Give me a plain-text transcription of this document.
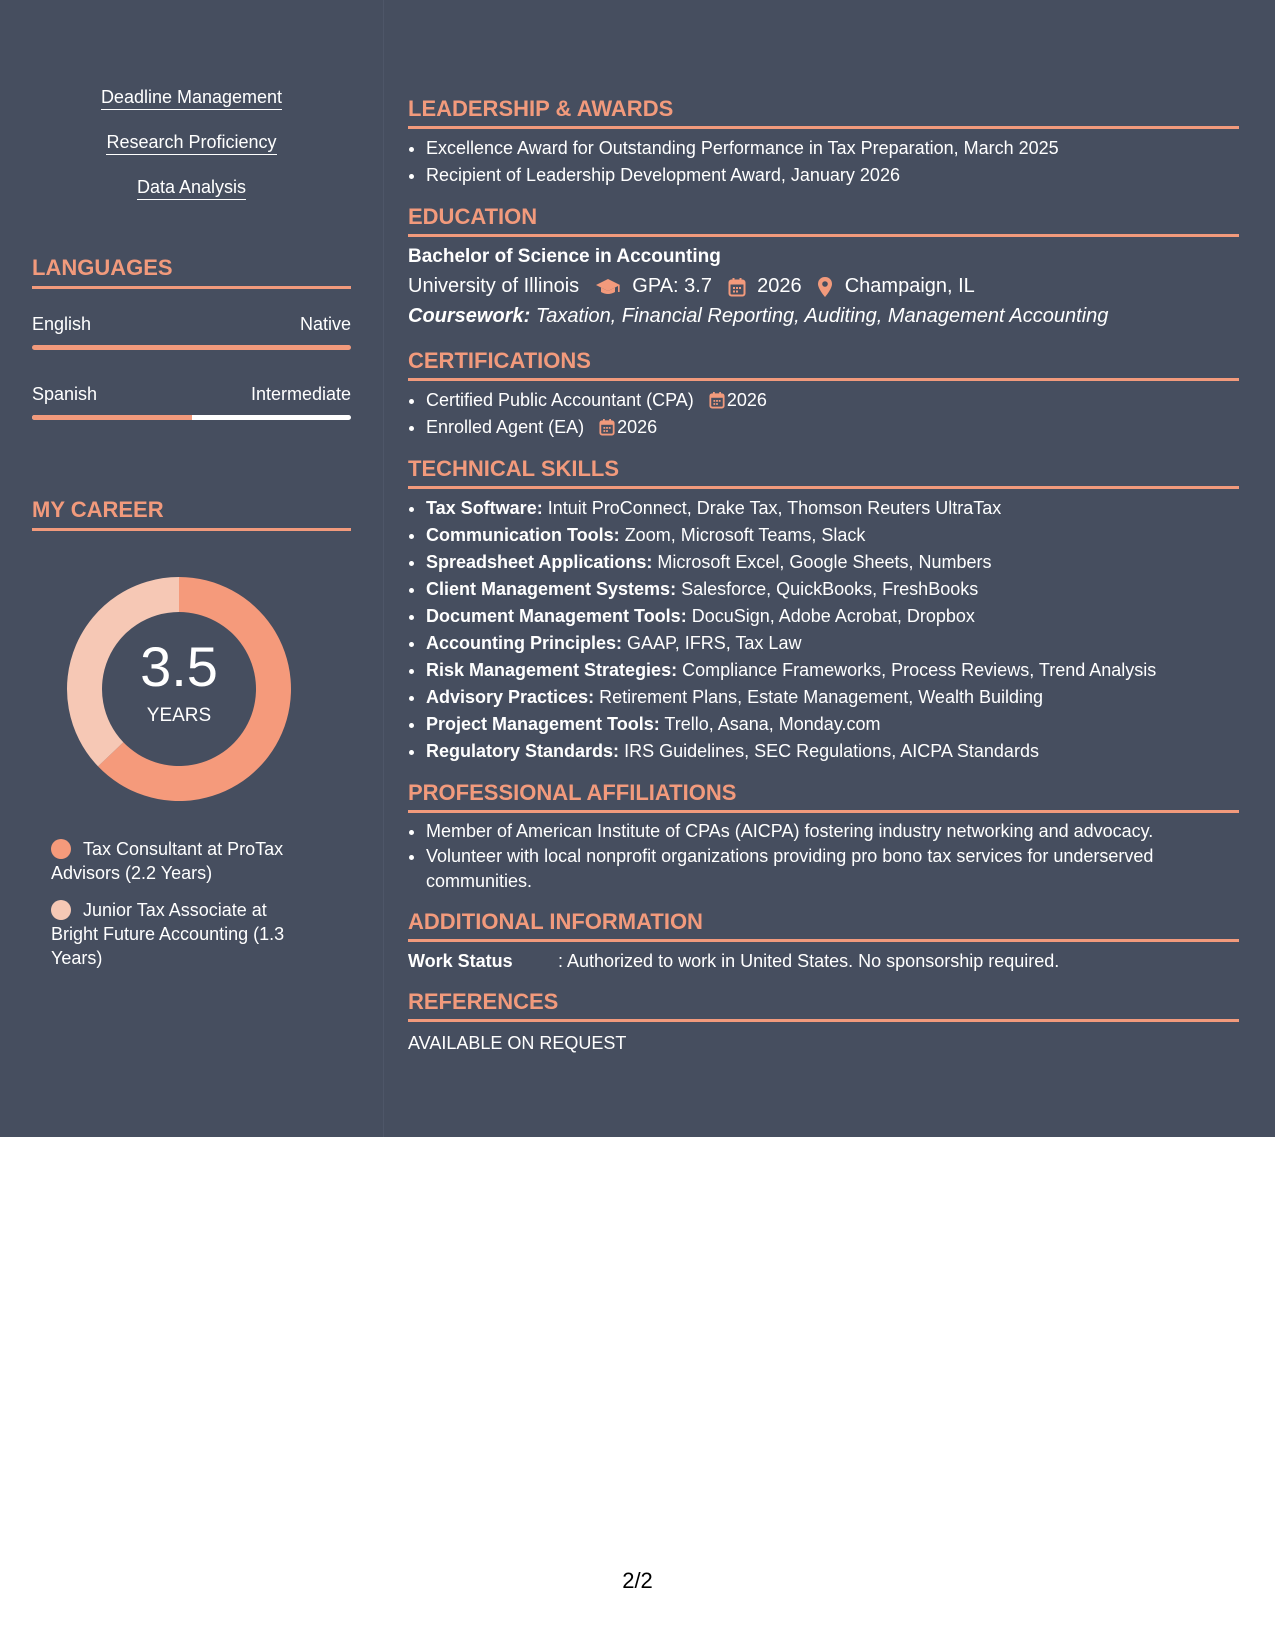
Deadline Management
Research Proficiency
Data Analysis
LANGUAGES
English	Native
Spanish	Intermediate
MY CAREER
3.5
YEARS
Tax Consultant at ProTax Advisors (2.2 Years)
Junior Tax Associate at Bright Future Accounting (1.3 Years)
LEADERSHIP & AWARDS
• Excellence Award for Outstanding Performance in Tax Preparation, March 2025
• Recipient of Leadership Development Award, January 2026
EDUCATION
Bachelor of Science in Accounting
University of Illinois	GPA: 3.7 2026 Champaign, IL
Coursework: Taxation, Financial Reporting, Auditing, Management Accounting
CERTIFICATIONS
• Certified Public Accountant (CPA) 2026
• Enrolled Agent (EA) 2026
TECHNICAL SKILLS
• Tax Software: Intuit ProConnect, Drake Tax, Thomson Reuters UltraTax
• Communication Tools: Zoom, Microsoft Teams, Slack
• Spreadsheet Applications: Microsoft Excel, Google Sheets, Numbers
• Client Management Systems: Salesforce, QuickBooks, FreshBooks
• Document Management Tools: DocuSign, Adobe Acrobat, Dropbox
• Accounting Principles: GAAP, IFRS, Tax Law
• Risk Management Strategies: Compliance Frameworks, Process Reviews, Trend Analysis
• Advisory Practices: Retirement Plans, Estate Management, Wealth Building
• Project Management Tools: Trello, Asana, Monday.com
• Regulatory Standards: IRS Guidelines, SEC Regulations, AICPA Standards
PROFESSIONAL AFFILIATIONS
• Member of American Institute of CPAs (AICPA) fostering industry networking and advocacy.
• Volunteer with local nonprofit organizations providing pro bono tax services for underserved communities.
ADDITIONAL INFORMATION
Work Status	: Authorized to work in United States. No sponsorship required.
REFERENCES
AVAILABLE ON REQUEST
2/2
